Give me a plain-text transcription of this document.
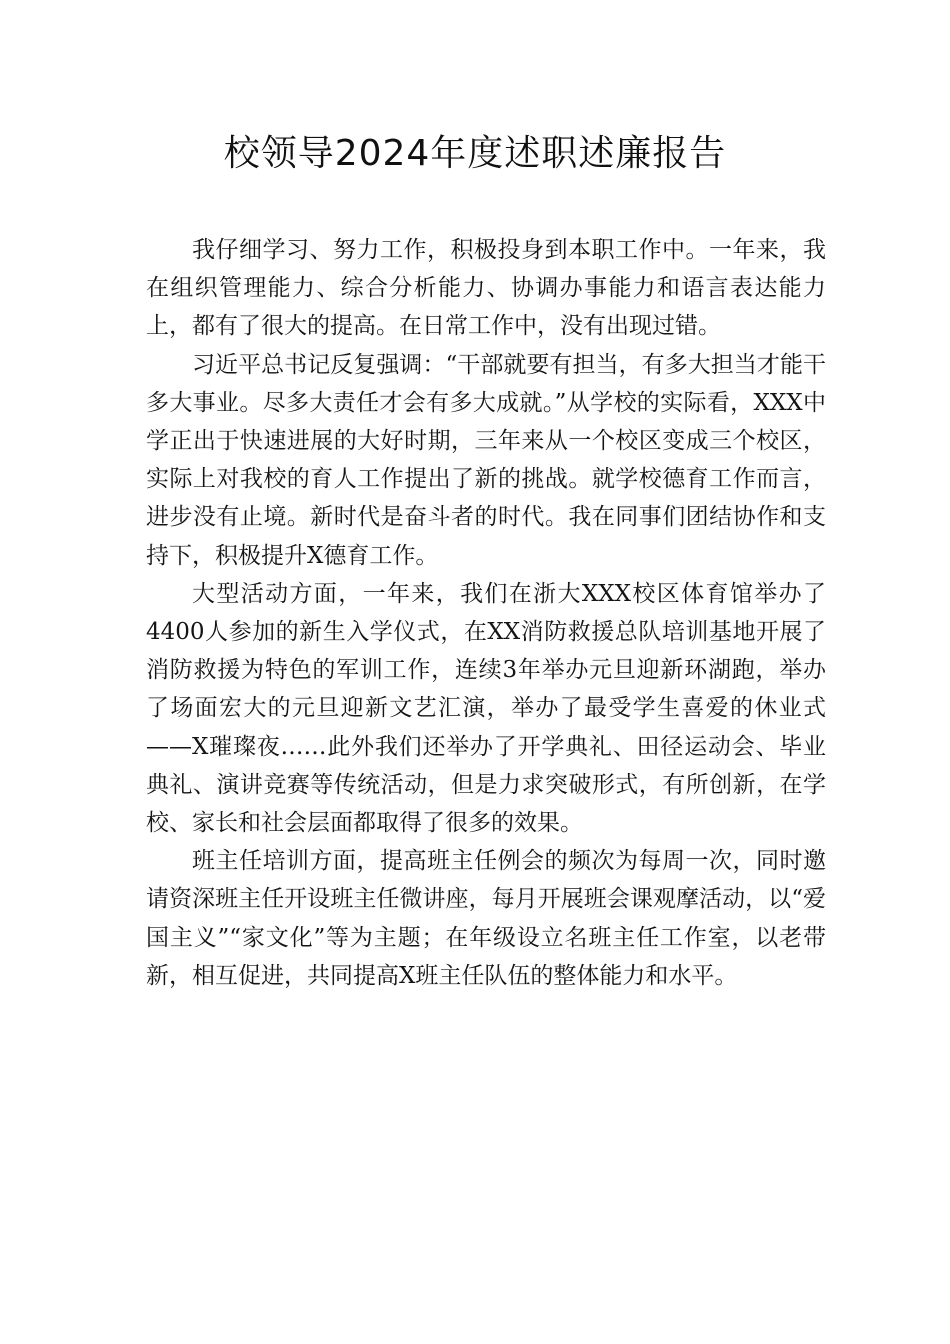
校领导2024年度述职述廉报告

我仔细学习、努力工作，积极投身到本职工作中。一年来，我在组织管理能力、综合分析能力、协调办事能力和语言表达能力上，都有了很大的提高。在日常工作中，没有出现过错。

习近平总书记反复强调：“干部就要有担当，有多大担当才能干多大事业。尽多大责任才会有多大成就。”从学校的实际看，XXX中学正出于快速进展的大好时期，三年来从一个校区变成三个校区，实际上对我校的育人工作提出了新的挑战。就学校德育工作而言，进步没有止境。新时代是奋斗者的时代。我在同事们团结协作和支持下，积极提升X德育工作。

大型活动方面，一年来，我们在浙大XXX校区体育馆举办了4400人参加的新生入学仪式，在XX消防救援总队培训基地开展了消防救援为特色的军训工作，连续3年举办元旦迎新环湖跑，举办了场面宏大的元旦迎新文艺汇演，举办了最受学生喜爱的休业式——X璀璨夜……此外我们还举办了开学典礼、田径运动会、毕业典礼、演讲竞赛等传统活动，但是力求突破形式，有所创新，在学校、家长和社会层面都取得了很多的效果。

班主任培训方面，提高班主任例会的频次为每周一次，同时邀请资深班主任开设班主任微讲座，每月开展班会课观摩活动，以“爱国主义”“家文化”等为主题；在年级设立名班主任工作室，以老带新，相互促进，共同提高X班主任队伍的整体能力和水平。
